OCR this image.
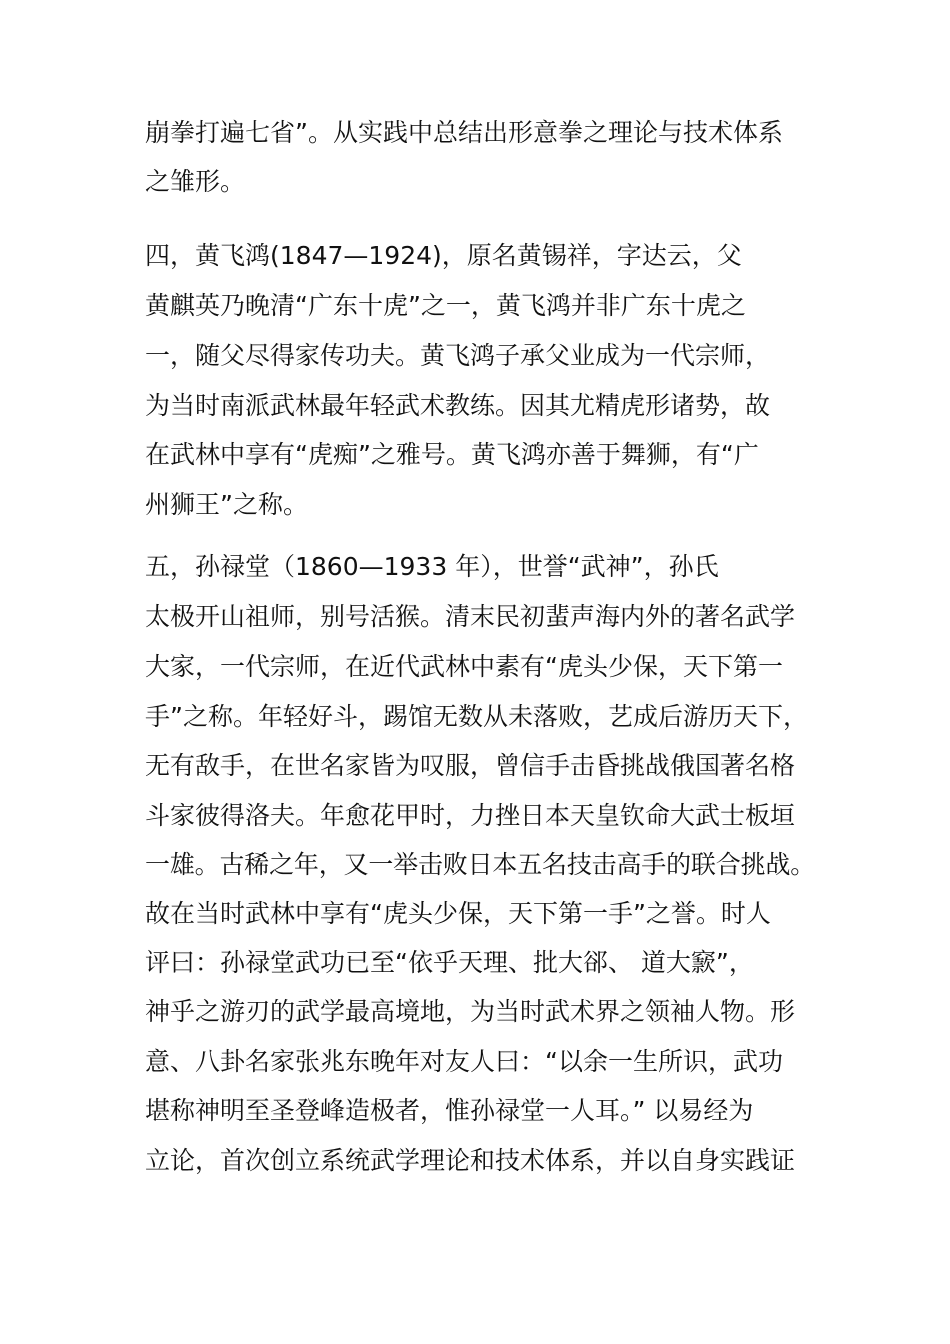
崩拳打遍七省”。从实践中总结出形意拳之理论与技术体系
之雏形。
四，黄飞鸿(1847—1924)，原名黄锡祥，字达云，父
黄麒英乃晚清“广东十虎”之一，黄飞鸿并非广东十虎之
一，随父尽得家传功夫。黄飞鸿子承父业成为一代宗师，
为当时南派武林最年轻武术教练。因其尤精虎形诸势，故
在武林中享有“虎痴”之雅号。黄飞鸿亦善于舞狮，有“广
州狮王”之称。
五，孙禄堂（1860—1933 年），世誉“武神”，孙氏
太极开山祖师，别号活猴。清末民初蜚声海内外的著名武学
大家，一代宗师，在近代武林中素有“虎头少保，天下第一
手”之称。年轻好斗，踢馆无数从未落败，艺成后游历天下，
无有敌手，在世名家皆为叹服，曾信手击昏挑战俄国著名格
斗家彼得洛夫。年愈花甲时，力挫日本天皇钦命大武士板垣
一雄。古稀之年，又一举击败日本五名技击高手的联合挑战。
故在当时武林中享有“虎头少保，天下第一手”之誉。时人
评曰：孙禄堂武功已至“依乎天理、批大郤、 道大窾”，
神乎之游刃的武学最高境地，为当时武术界之领袖人物。形
意、八卦名家张兆东晚年对友人曰：“以余一生所识，武功
堪称神明至圣登峰造极者，惟孙禄堂一人耳。” 以易经为
立论，首次创立系统武学理论和技术体系，并以自身实践证
